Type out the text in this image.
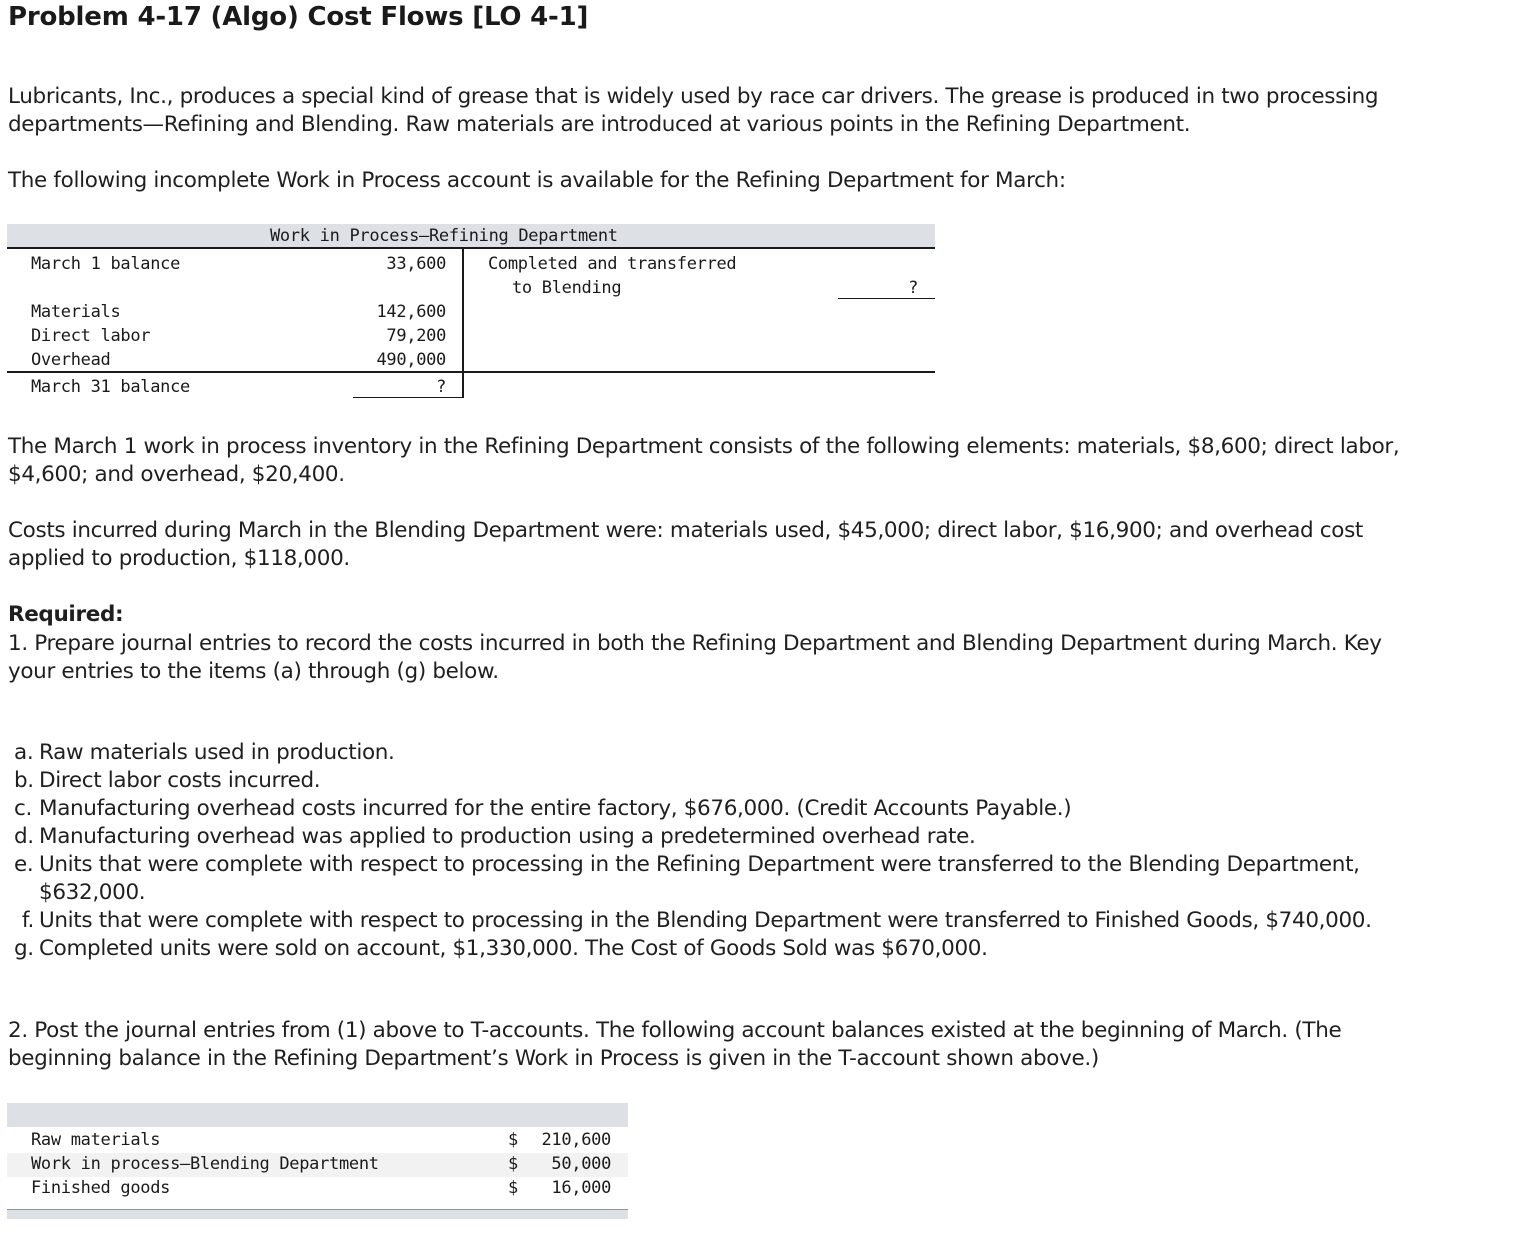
Problem 4-17 (Algo) Cost Flows [LO 4-1]
Lubricants, Inc., produces a special kind of grease that is widely used by race car drivers. The grease is produced in two processing
departments—Refining and Blending. Raw materials are introduced at various points in the Refining Department.
The following incomplete Work in Process account is available for the Refining Department for March:
Work in Process—Refining Department
March 1 balance	33,600 Completed and transferred
to Blending	?
Materials	142,600
Direct labor	79,200
Overhead	490,000
March 31 balance	?
The March 1 work in process inventory in the Refining Department consists of the following elements: materials, $8,600; direct labor,
$4,600; and overhead, $20,400.
Costs incurred during March in the Blending Department were: materials used, $45,000; direct labor, $16,900; and overhead cost
applied to production, $118,000.
Required:
1. Prepare journal entries to record the costs incurred in both the Refining Department and Blending Department during March. Key
your entries to the items (a) through (g) below.
a. Raw materials used in production.
b. Direct labor costs incurred.
c. Manufacturing overhead costs incurred for the entire factory, $676,000. (Credit Accounts Payable.)
d. Manufacturing overhead was applied to production using a predetermined overhead rate.
e. Units that were complete with respect to processing in the Refining Department were transferred to the Blending Department,
$632,000.
f. Units that were complete with respect to processing in the Blending Department were transferred to Finished Goods, $740,000.
g. Completed units were sold on account, $1,330,000. The Cost of Goods Sold was $670,000.
2. Post the journal entries from (1) above to T-accounts. The following account balances existed at the beginning of March. (The
beginning balance in the Refining Department’s Work in Process is given in the T-account shown above.)
Raw materials	$	210,600
Work in process—Blending Department	$	50,000
Finished goods	$	16,000
